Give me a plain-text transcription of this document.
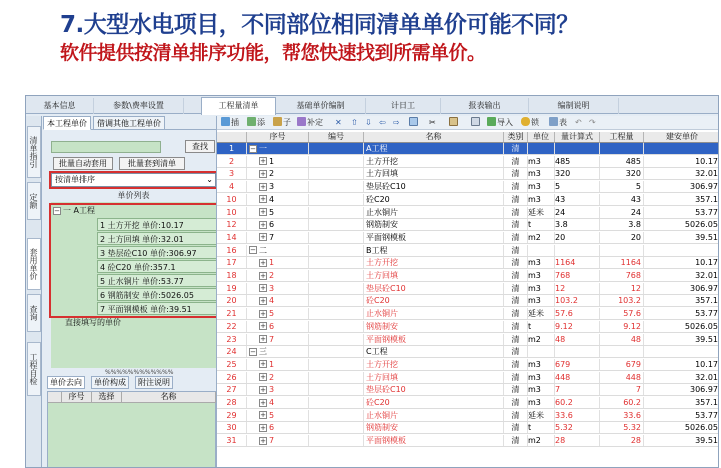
7.大型水电项目，不同部位相同清单单价可能不同？
软件提供按清单排序功能，帮您快速找到所需单价。
基本信息	参数\费率设置	工程量清单	基础单价编制	计日工	报表输出	编制说明
清单指引
定额
套用单价
查询
工程自检
本工程单价	借调其他工程单价
查找
批量自动套用	批量套到清单
按清单排序	⌄
单价列表
− 一 A工程
1 土方开挖 单价:10.17
2 土方回填 单价:32.01
3 垫层砼C10 单价:306.97
4 砼C20 单价:357.1
5 止水铜片 单价:53.77
6 钢筋制安 单价:5026.05
7 平面钢模板 单价:39.51
直接填写的单价
%%%%%%%%%%%%
单价去向	单价构成	附注说明
序号	选择	名称
插	添	子	补定 ✕ ⇧ ⇩ ⇦ ⇨	✂	导入	锁	表 ↶ ↷
序号	编号	名称	类别	单位	量计算式	工程量	建安单价
1	− 一	A工程	清
2	+ 1	土方开挖	清	m3	485	485	10.17
3	+ 2	土方回填	清	m3	320	320	32.01
4	+ 3	垫层砼C10	清	m3	5	5	306.97
10	+ 4	砼C20	清	m3	43	43	357.1
10	+ 5	止水铜片	清	延米	24	24	53.77
12	+ 6	钢筋制安	清	t	3.8	3.8	5026.05
14	+ 7	平面钢模板	清	m2	20	20	39.51
16	− 二	B工程	清
17	+ 1	土方开挖	清	m3	1164	1164	10.17
18	+ 2	土方回填	清	m3	768	768	32.01
19	+ 3	垫层砼C10	清	m3	12	12	306.97
20	+ 4	砼C20	清	m3	103.2	103.2	357.1
21	+ 5	止水铜片	清	延米	57.6	57.6	53.77
22	+ 6	钢筋制安	清	t	9.12	9.12	5026.05
23	+ 7	平面钢模板	清	m2	48	48	39.51
24	− 三	C工程	清
25	+ 1	土方开挖	清	m3	679	679	10.17
26	+ 2	土方回填	清	m3	448	448	32.01
27	+ 3	垫层砼C10	清	m3	7	7	306.97
28	+ 4	砼C20	清	m3	60.2	60.2	357.1
29	+ 5	止水铜片	清	延米	33.6	33.6	53.77
30	+ 6	钢筋制安	清	t	5.32	5.32	5026.05
31	+ 7	平面钢模板	清	m2	28	28	39.51
